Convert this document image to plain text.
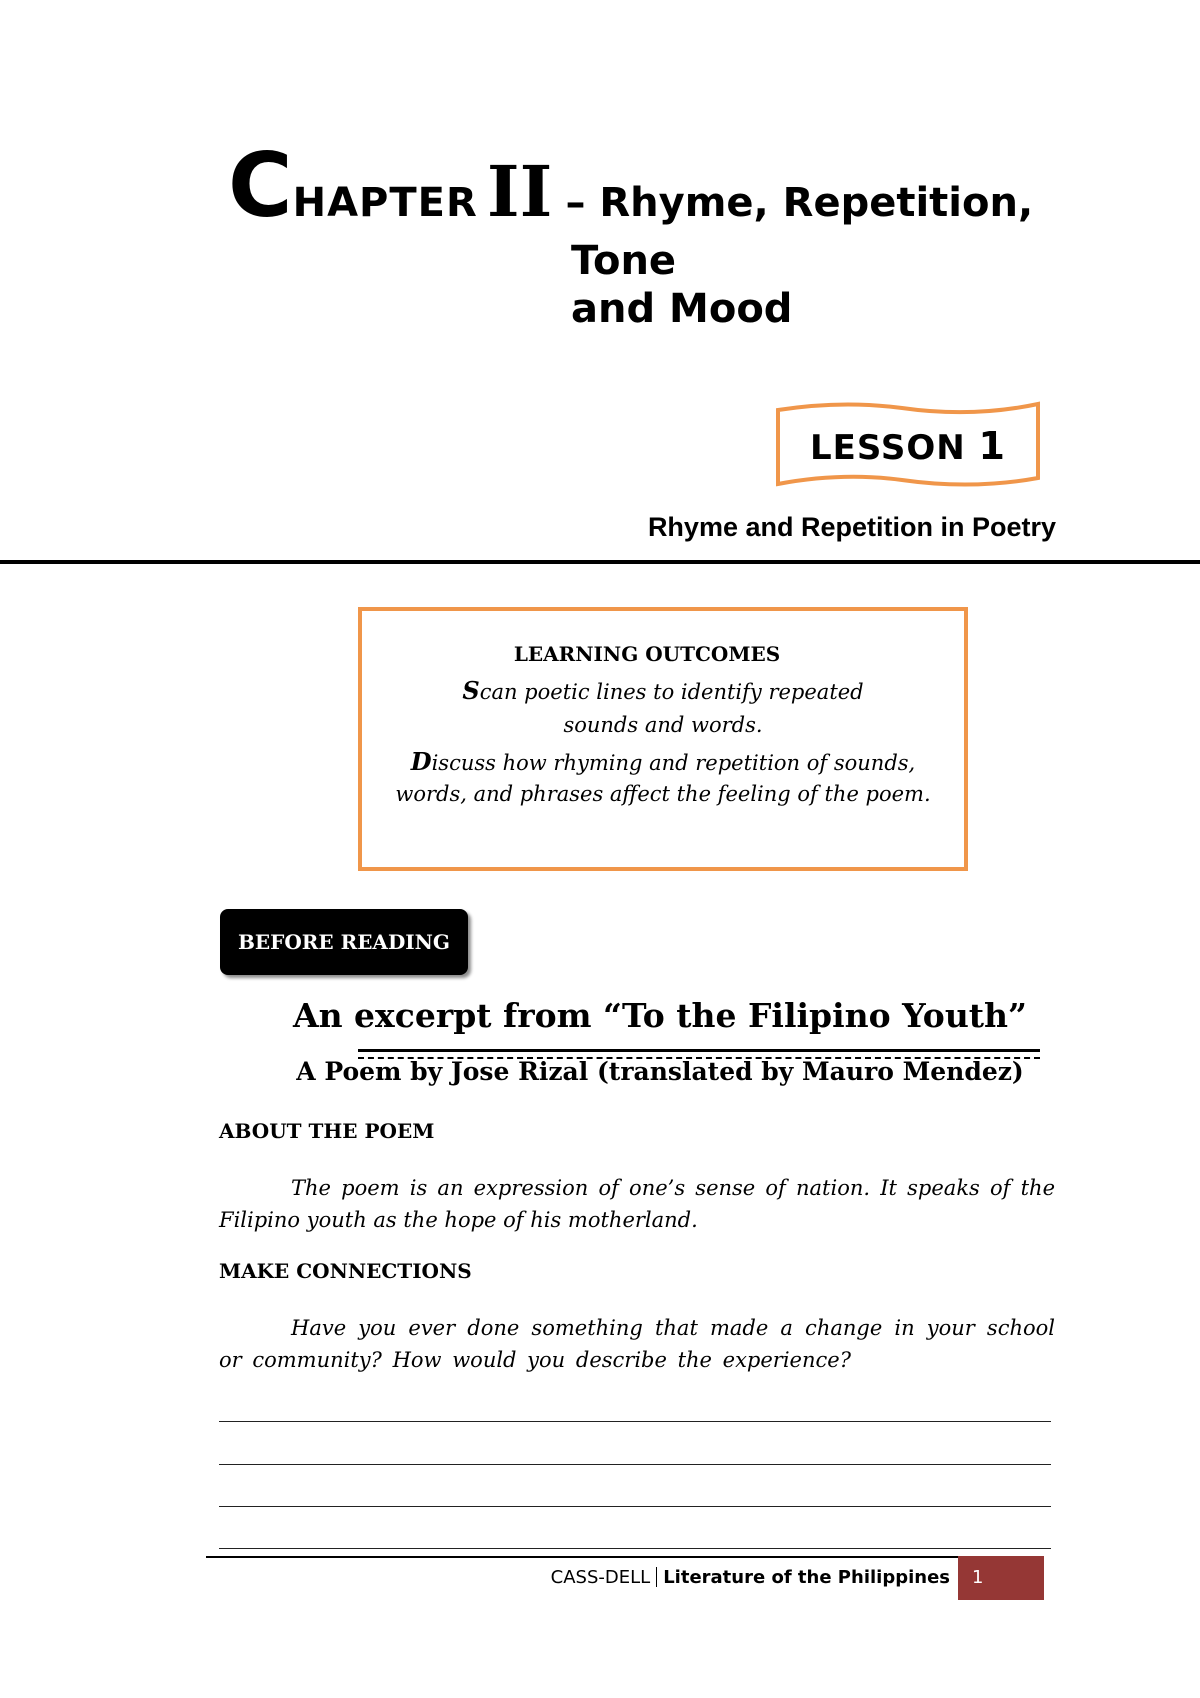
CHAPTER II – Rhyme, Repetition,
Tone
and Mood
LESSON 1
Rhyme and Repetition in Poetry
LEARNING OUTCOMES
Scan poetic lines to identify repeated
sounds and words.
Discuss how rhyming and repetition of sounds,
words, and phrases affect the feeling of the poem.
BEFORE READING
An excerpt from “To the Filipino Youth”
A Poem by Jose Rizal (translated by Mauro Mendez)
ABOUT THE POEM
The poem is an expression of one’s sense of nation. It speaks of the Filipino youth as the hope of his motherland.
MAKE CONNECTIONS
Have you ever done something that made a change in your school or community? How would you describe the experience?
CASS-DELL Literature of the Philippines	1
